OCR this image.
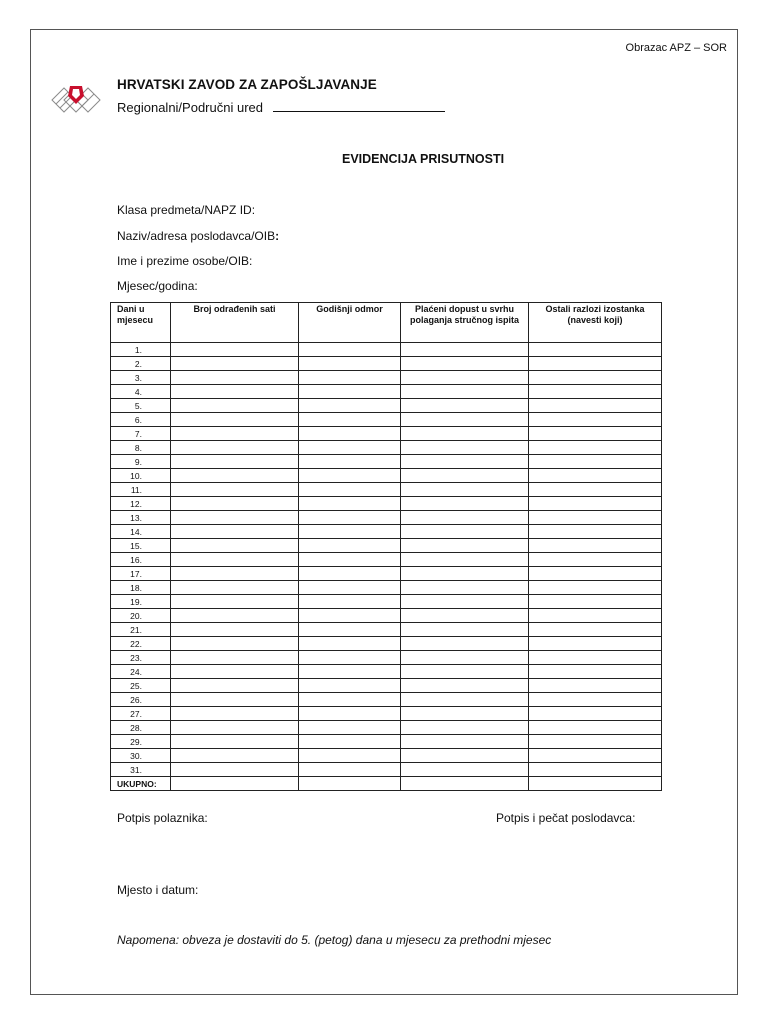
Obrazac APZ – SOR
HRVATSKI ZAVOD ZA ZAPOŠLJAVANJE
Regionalni/Područni ured
EVIDENCIJA PRISUTNOSTI
Klasa predmeta/NAPZ ID:
Naziv/adresa poslodavca/OIB:
Ime i prezime osobe/OIB:
Mjesec/godina:
Dani u mjesecu	Broj odrađenih sati	Godišnji odmor	Plaćeni dopust u svrhu polaganja stručnog ispita	Ostali razlozi izostanka (navesti koji)
1.				
2.				
3.				
4.				
5.				
6.				
7.				
8.				
9.				
10.				
11.				
12.				
13.				
14.				
15.				
16.				
17.				
18.				
19.				
20.				
21.				
22.				
23.				
24.				
25.				
26.				
27.				
28.				
29.				
30.				
31.				
UKUPNO:				
Potpis polaznika:	Potpis i pečat poslodavca:
Mjesto i datum:
Napomena: obveza je dostaviti do 5. (petog) dana u mjesecu za prethodni mjesec
